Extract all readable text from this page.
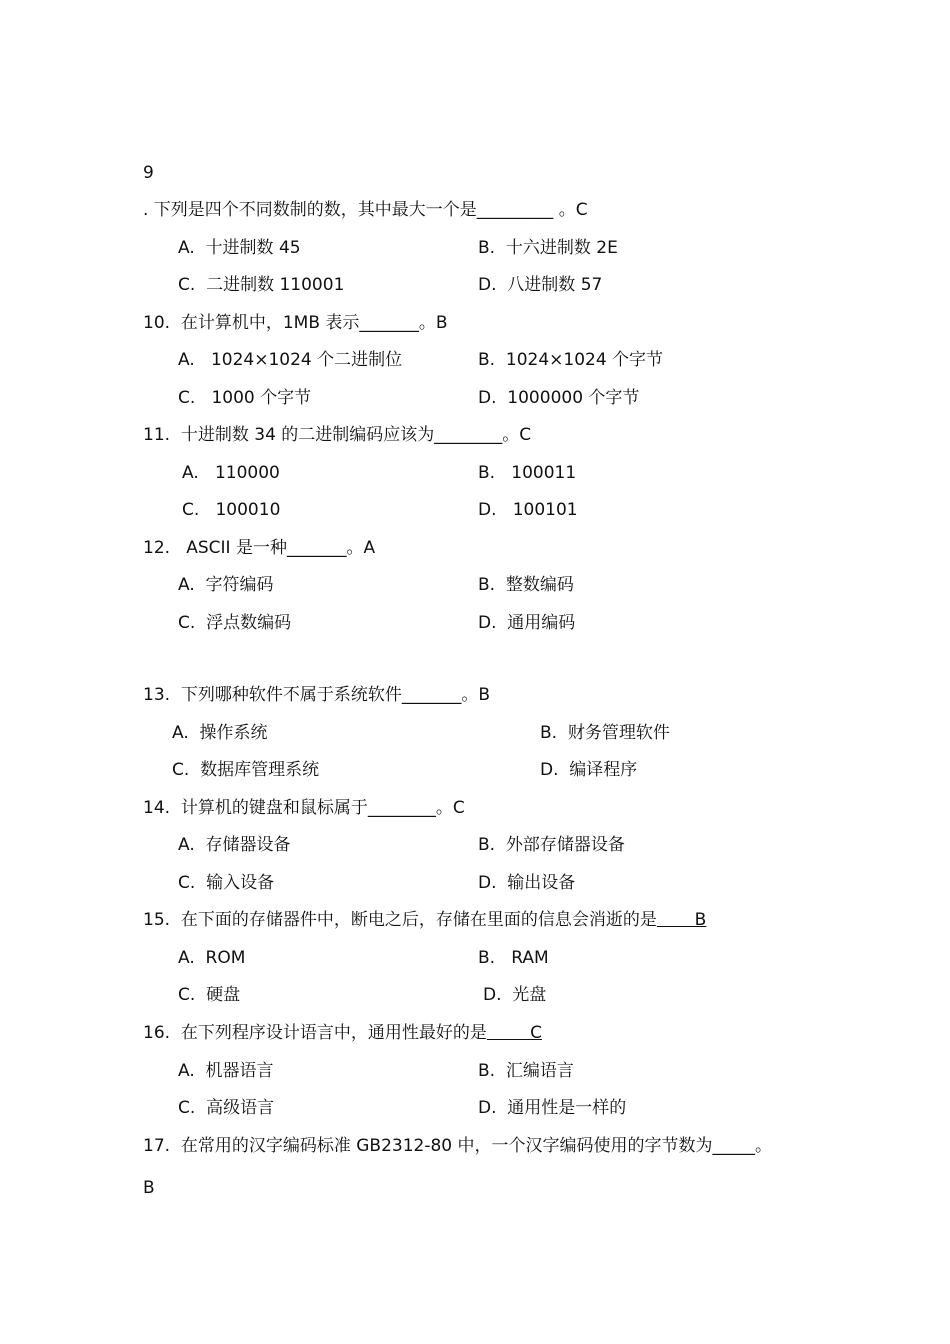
9
. 下列是四个不同数制的数，其中最大一个是_________ 。C
A.  十进制数 45	B.  十六进制数 2E
C.  二进制数 110001	D.  八进制数 57
10.  在计算机中，1MB 表示_______。B
A.   1024×1024 个二进制位	B.  1024×1024 个字节
C.   1000 个字节	D.  1000000 个字节
11.  十进制数 34 的二进制编码应该为________。C
A.   110000	B.   100011
C.   100010	D.   100101
12.   ASCII 是一种_______。A
A.  字符编码	B.  整数编码
C.  浮点数编码	D.  通用编码
13.  下列哪种软件不属于系统软件_______。B
A.  操作系统	B.  财务管理软件
C.  数据库管理系统	D.  编译程序
14.  计算机的键盘和鼠标属于________。C
A.  存储器设备	B.  外部存储器设备
C.  输入设备	D.  输出设备
15.  在下面的存储器件中，断电之后，存储在里面的信息会消逝的是       B
A.  ROM	B.   RAM
C.  硬盘	D.  光盘
16.  在下列程序设计语言中，通用性最好的是        C
A.  机器语言	B.  汇编语言
C.  高级语言	D.  通用性是一样的
17.  在常用的汉字编码标准 GB2312-80 中，一个汉字编码使用的字节数为_____。
B
